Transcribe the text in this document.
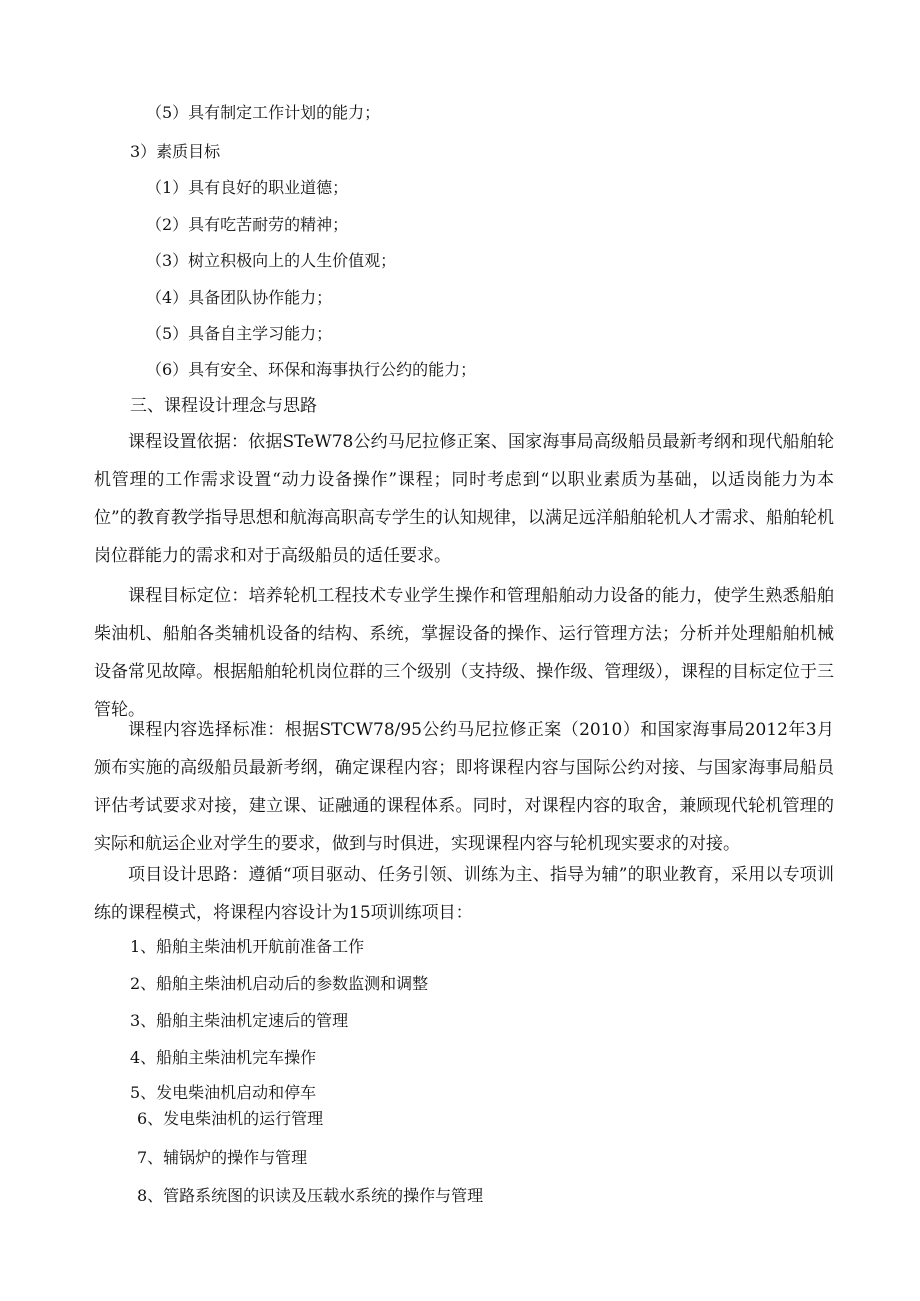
（5）具有制定工作计划的能力；
3）素质目标
（1）具有良好的职业道德；
（2）具有吃苦耐劳的精神；
（3）树立积极向上的人生价值观；
（4）具备团队协作能力；
（5）具备自主学习能力；
（6）具有安全、环保和海事执行公约的能力；
三、课程设计理念与思路
课程设置依据：依据STeW78公约马尼拉修正案、国家海事局高级船员最新考纲和现代船舶轮机管理的工作需求设置“动力设备操作”课程；同时考虑到“以职业素质为基础，以适岗能力为本位”的教育教学指导思想和航海高职高专学生的认知规律，以满足远洋船舶轮机人才需求、船舶轮机岗位群能力的需求和对于高级船员的适任要求。
课程目标定位：培养轮机工程技术专业学生操作和管理船舶动力设备的能力，使学生熟悉船舶柴油机、船舶各类辅机设备的结构、系统，掌握设备的操作、运行管理方法；分析并处理船舶机械设备常见故障。根据船舶轮机岗位群的三个级别（支持级、操作级、管理级），课程的目标定位于三管轮。
课程内容选择标准：根据STCW78/95公约马尼拉修正案（2010）和国家海事局2012年3月颁布实施的高级船员最新考纲，确定课程内容；即将课程内容与国际公约对接、与国家海事局船员评估考试要求对接，建立课、证融通的课程体系。同时，对课程内容的取舍，兼顾现代轮机管理的实际和航运企业对学生的要求，做到与时俱进，实现课程内容与轮机现实要求的对接。
项目设计思路：遵循“项目驱动、任务引领、训练为主、指导为辅”的职业教育，采用以专项训练的课程模式，将课程内容设计为15项训练项目：
1、船舶主柴油机开航前准备工作
2、船舶主柴油机启动后的参数监测和调整
3、船舶主柴油机定速后的管理
4、船舶主柴油机完车操作
5、发电柴油机启动和停车
6、发电柴油机的运行管理
7、辅锅炉的操作与管理
8、管路系统图的识读及压载水系统的操作与管理
